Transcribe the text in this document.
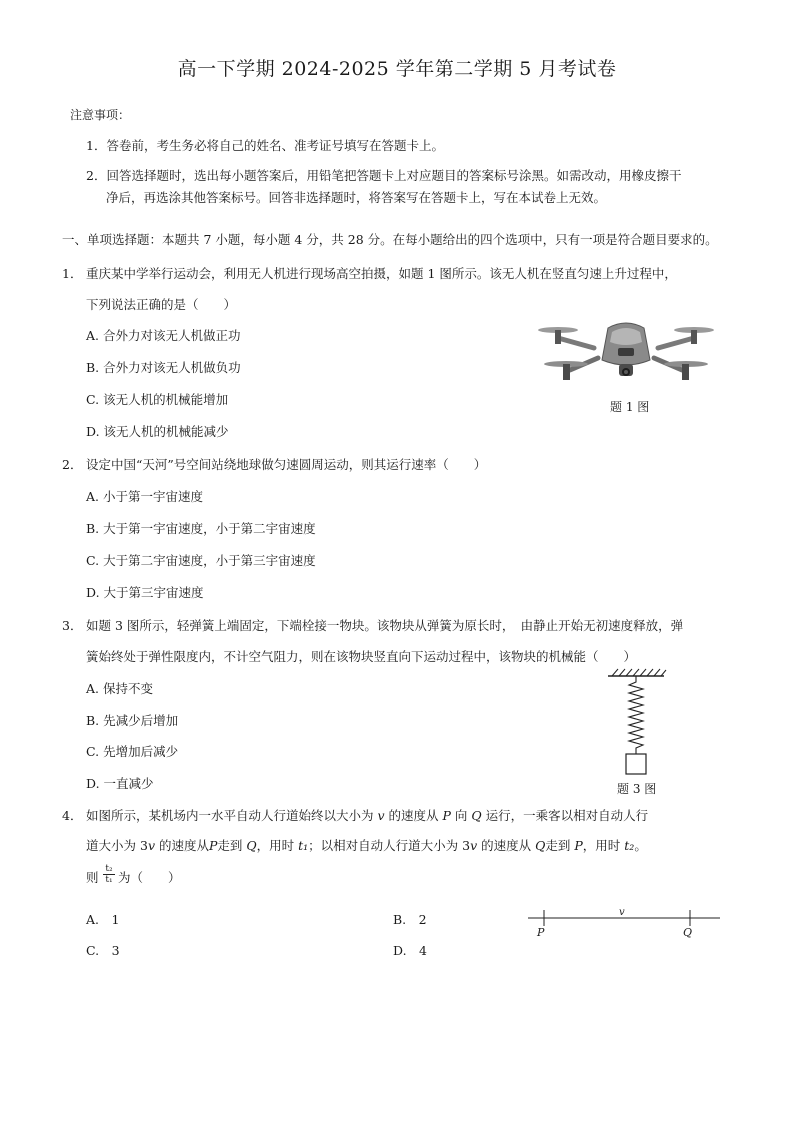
高一下学期 2024-2025 学年第二学期 5 月考试卷
注意事项：
1．答卷前，考生务必将自己的姓名、准考证号填写在答题卡上。
2．回答选择题时，选出每小题答案后，用铅笔把答题卡上对应题目的答案标号涂黑。如需改动，用橡皮擦干
净后，再选涂其他答案标号。回答非选择题时，将答案写在答题卡上，写在本试卷上无效。
一、单项选择题：本题共 7 小题，每小题 4 分，共 28 分。在每小题给出的四个选项中，只有一项是符合题目要求的。
1． 重庆某中学举行运动会，利用无人机进行现场高空拍摄，如题 1 图所示。该无人机在竖直匀速上升过程中，
下列说法正确的是（　　）
A. 合外力对该无人机做正功
B. 合外力对该无人机做负功
C. 该无人机的机械能增加
D. 该无人机的机械能减少
题 1 图
2． 设定中国“天河”号空间站绕地球做匀速圆周运动，则其运行速率（　　）
A. 小于第一宇宙速度
B. 大于第一宇宙速度，小于第二宇宙速度
C. 大于第二宇宙速度，小于第三宇宙速度
D. 大于第三宇宙速度
3． 如题 3 图所示，轻弹簧上端固定，下端栓接一物块。该物块从弹簧为原长时，　由静止开始无初速度释放，弹
簧始终处于弹性限度内，不计空气阻力，则在该物块竖直向下运动过程中，该物块的机械能（　　）
A. 保持不变
B. 先减少后增加
C. 先增加后减少
D. 一直减少	题 3 图
4． 如图所示，某机场内一水平自动人行道始终以大小为 v 的速度从 P 向 Q 运行，一乘客以相对自动人行
道大小为 3v 的速度从P走到 Q，用时 t₁；以相对自动人行道大小为 3v 的速度从 Q走到 P，用时 t₂。
则 $\frac{\text{t₂}}{\text{t₁}}$ 为（　　）
A.　1	B.　2
C.　3	D.　4
v
P	Q
